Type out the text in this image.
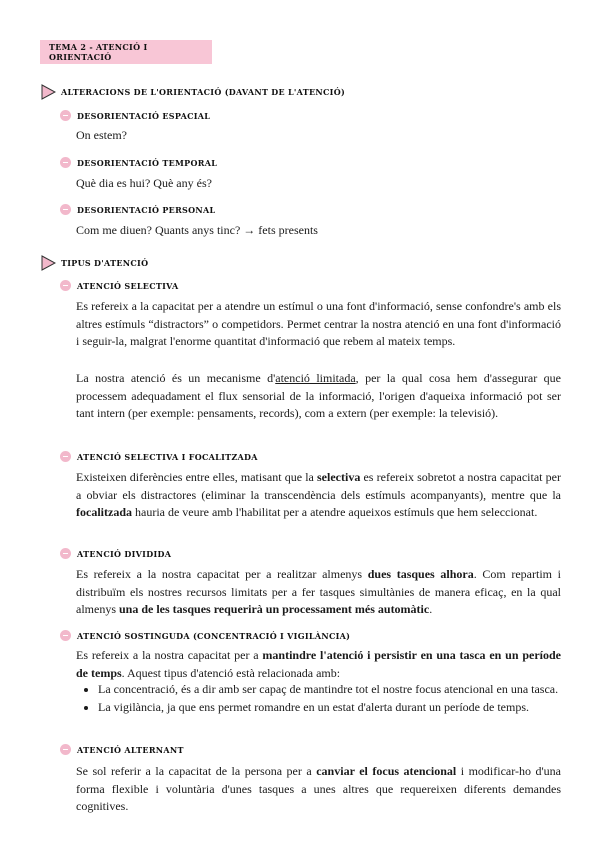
TEMA 2 - ATENCIÓ I ORIENTACIÓ
ALTERACIONS DE L'ORIENTACIÓ (DAVANT DE L'ATENCIÓ)
DESORIENTACIÓ ESPACIAL
On estem?
DESORIENTACIÓ TEMPORAL
Què dia es hui? Què any és?
DESORIENTACIÓ PERSONAL
Com me diuen? Quants anys tinc? → fets presents
TIPUS D'ATENCIÓ
ATENCIÓ SELECTIVA
Es refereix a la capacitat per a atendre un estímul o una font d'informació, sense confondre's amb els altres estímuls “distractors” o competidors. Permet centrar la nostra atenció en una font d'informació i seguir-la, malgrat l'enorme quantitat d'informació que rebem al mateix temps.
La nostra atenció és un mecanisme d'atenció limitada, per la qual cosa hem d'assegurar que processem adequadament el flux sensorial de la informació, l'origen d'aqueixa informació pot ser tant intern (per exemple: pensaments, records), com a extern (per exemple: la televisió).
ATENCIÓ SELECTIVA I FOCALITZADA
Existeixen diferències entre elles, matisant que la selectiva es refereix sobretot a nostra capacitat per a obviar els distractores (eliminar la transcendència dels estímuls acompanyants), mentre que la focalitzada hauria de veure amb l'habilitat per a atendre aqueixos estímuls que hem seleccionat.
ATENCIÓ DIVIDIDA
Es refereix a la nostra capacitat per a realitzar almenys dues tasques alhora. Com repartim i distribuïm els nostres recursos limitats per a fer tasques simultànies de manera eficaç, en la qual almenys una de les tasques requerirà un processament més automàtic.
ATENCIÓ SOSTINGUDA (CONCENTRACIÓ I VIGILÀNCIA)
Es refereix a la nostra capacitat per a mantindre l'atenció i persistir en una tasca en un període de temps. Aquest tipus d'atenció està relacionada amb:
• La concentració, és a dir amb ser capaç de mantindre tot el nostre focus atencional en una tasca.
• La vigilància, ja que ens permet romandre en un estat d'alerta durant un període de temps.
ATENCIÓ ALTERNANT
Se sol referir a la capacitat de la persona per a canviar el focus atencional i modificar-ho d'una forma flexible i voluntària d'unes tasques a unes altres que requereixen diferents demandes cognitives.
